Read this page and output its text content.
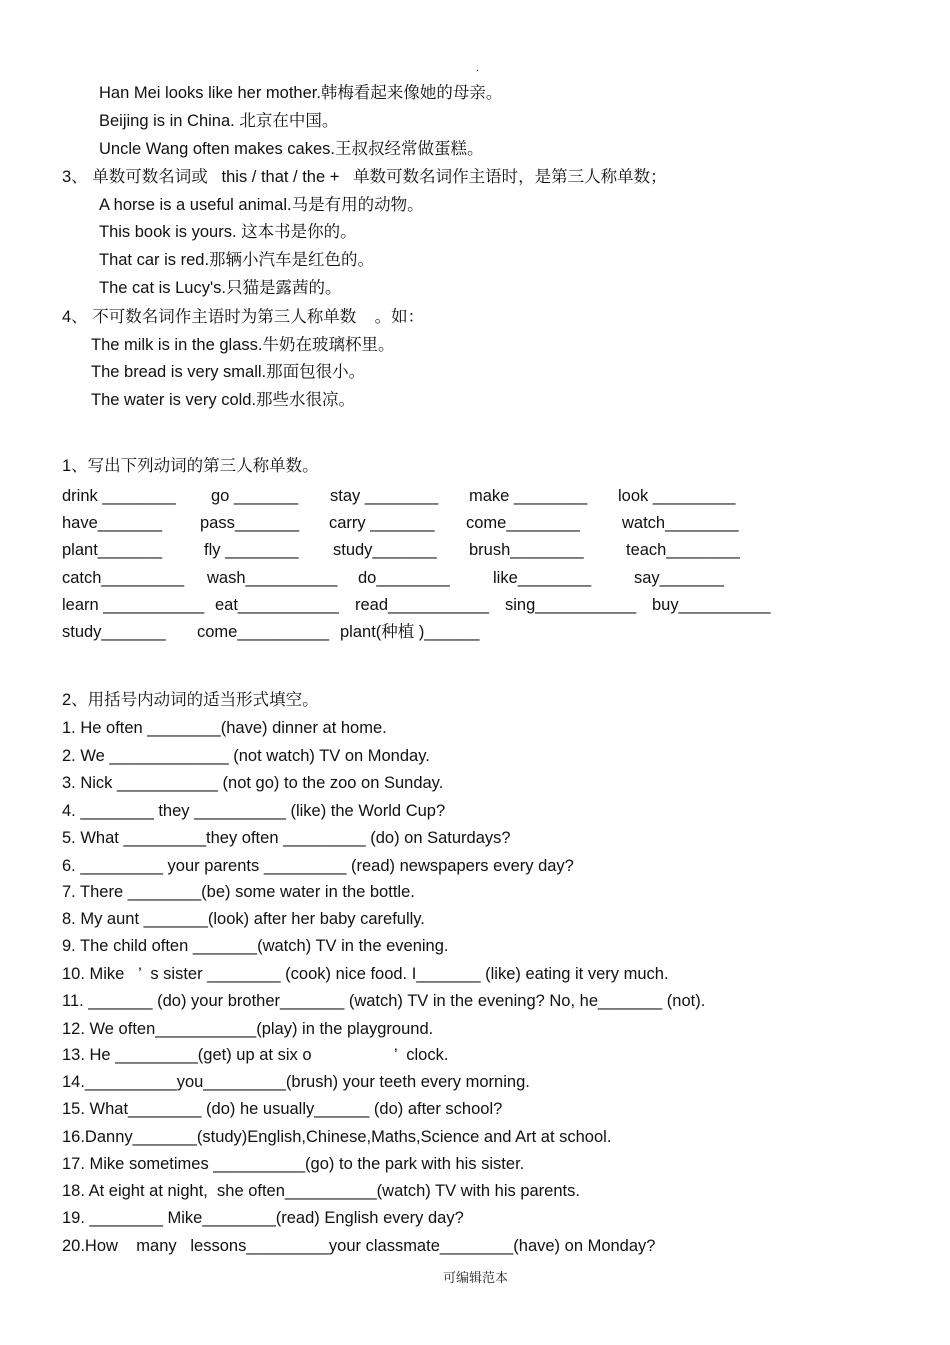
.
Han Mei looks like her mother.韩梅看起来像她的母亲。
Beijing is in China. 北京在中国。
Uncle Wang often makes cakes.王叔叔经常做蛋糕。
3、 单数可数名词或   this / that / the +   单数可数名词作主语时，是第三人称单数；
A horse is a useful animal.马是有用的动物。
This book is yours. 这本书是你的。
That car is red.那辆小汽车是红色的。
The cat is Lucy's.只猫是露茜的。
4、 不可数名词作主语时为第三人称单数    。如：
The milk is in the glass.牛奶在玻璃杯里。
The bread is very small.那面包很小。
The water is very cold.那些水很凉。
1、写出下列动词的第三人称单数。
drink ________ go _______ stay ________ make ________ look _________
have_______ pass_______ carry _______ come________	watch________
plant_______	fly ________ study_______ brush________	teach________
catch_________ wash__________ do________	like________	say_______
learn ___________ eat___________ read___________ sing___________ buy__________
study_______ come__________ plant(种植 )______
2、用括号内动词的适当形式填空。
1. He often ________(have) dinner at home.
2. We _____________ (not watch) TV on Monday.
3. Nick ___________ (not go) to the zoo on Sunday.
4. ________ they __________ (like) the World Cup?
5. What _________they often _________ (do) on Saturdays?
6. _________ your parents _________ (read) newspapers every day?
7. There ________(be) some water in the bottle.
8. My aunt _______(look) after her baby carefully.
9. The child often _______(watch) TV in the evening.
10. Mike   ’  s sister ________ (cook) nice food. I_______ (like) eating it very much.
11. _______ (do) your brother_______ (watch) TV in the evening? No, he_______ (not).
12. We often___________(play) in the playground.
13. He _________(get) up at six o                  ’  clock.
14.__________you_________(brush) your teeth every morning.
15. What________ (do) he usually______ (do) after school?
16.Danny_______(study)English,Chinese,Maths,Science and Art at school.
17. Mike sometimes __________(go) to the park with his sister.
18. At eight at night,  she often__________(watch) TV with his parents.
19. ________ Mike________(read) English every day?
20.How    many   lessons_________your classmate________(have) on Monday?
可编辑范本
